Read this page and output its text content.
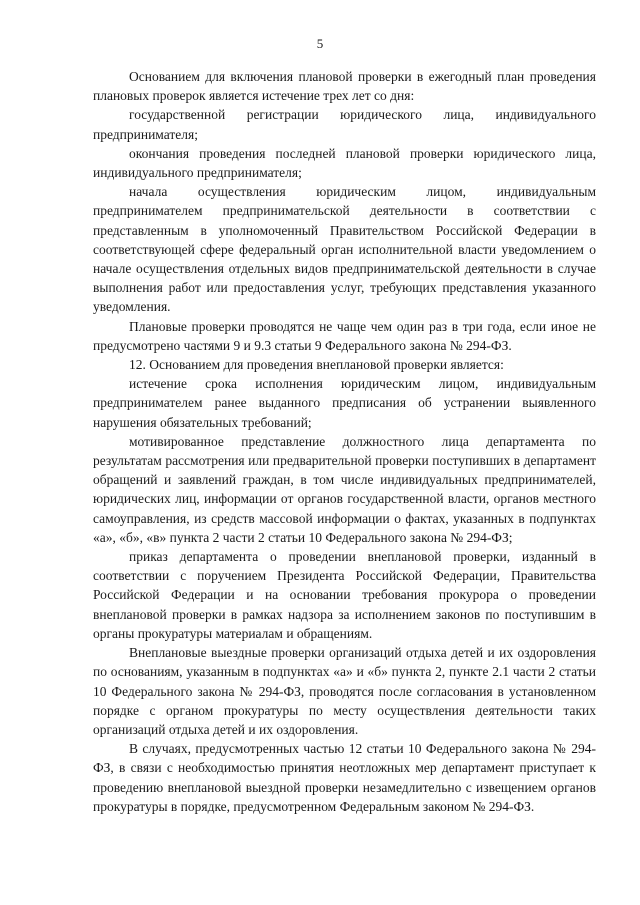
5

Основанием для включения плановой проверки в ежегодный план проведения плановых проверок является истечение трех лет со дня:

государственной регистрации юридического лица, индивидуального предпринимателя;

окончания проведения последней плановой проверки юридического лица, индивидуального предпринимателя;

начала осуществления юридическим лицом, индивидуальным предпринимателем предпринимательской деятельности в соответствии с представленным в уполномоченный Правительством Российской Федерации в соответствующей сфере федеральный орган исполнительной власти уведомлением о начале осуществления отдельных видов предпринимательской деятельности в случае выполнения работ или предоставления услуг, требующих представления указанного уведомления.

Плановые проверки проводятся не чаще чем один раз в три года, если иное не предусмотрено частями 9 и 9.3 статьи 9 Федерального закона № 294-ФЗ.

12. Основанием для проведения внеплановой проверки является:

истечение срока исполнения юридическим лицом, индивидуальным предпринимателем ранее выданного предписания об устранении выявленного нарушения обязательных требований;

мотивированное представление должностного лица департамента по результатам рассмотрения или предварительной проверки поступивших в департамент обращений и заявлений граждан, в том числе индивидуальных предпринимателей, юридических лиц, информации от органов государственной власти, органов местного самоуправления, из средств массовой информации о фактах, указанных в подпунктах «а», «б», «в» пункта 2 части 2 статьи 10 Федерального закона № 294-ФЗ;

приказ департамента о проведении внеплановой проверки, изданный в соответствии с поручением Президента Российской Федерации, Правительства Российской Федерации и на основании требования прокурора о проведении внеплановой проверки в рамках надзора за исполнением законов по поступившим в органы прокуратуры материалам и обращениям.

Внеплановые выездные проверки организаций отдыха детей и их оздоровления по основаниям, указанным в подпунктах «а» и «б» пункта 2, пункте 2.1 части 2 статьи 10 Федерального закона № 294-ФЗ, проводятся после согласования в установленном порядке с органом прокуратуры по месту осуществления деятельности таких организаций отдыха детей и их оздоровления.

В случаях, предусмотренных частью 12 статьи 10 Федерального закона № 294-ФЗ, в связи с необходимостью принятия неотложных мер департамент приступает к проведению внеплановой выездной проверки незамедлительно с извещением органов прокуратуры в порядке, предусмотренном Федеральным законом № 294-ФЗ.
